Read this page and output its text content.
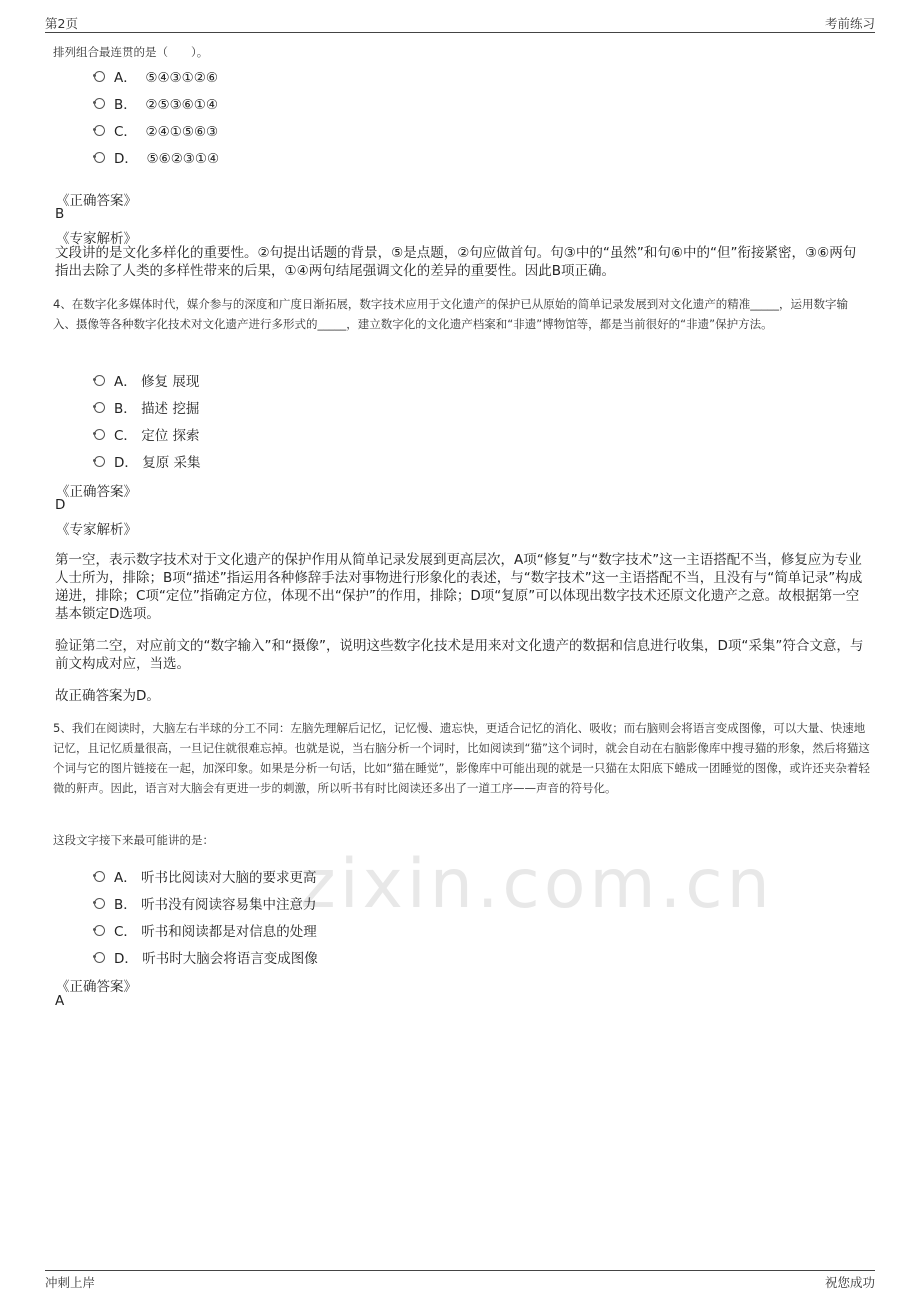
第2页	考前练习
zixin.com.cn
排列组合最连贯的是（　　）。
A． ⑤④③①②⑥
B． ②⑤③⑥①④
C． ②④①⑤⑥③
D． ⑤⑥②③①④
《正确答案》
B
《专家解析》
文段讲的是文化多样化的重要性。②句提出话题的背景，⑤是点题，②句应做首句。句③中的“虽然”和句⑥中的“但”衔接紧密，③⑥两句指出去除了人类的多样性带来的后果，①④两句结尾强调文化的差异的重要性。因此B项正确。
4、在数字化多媒体时代，媒介参与的深度和广度日渐拓展，数字技术应用于文化遗产的保护已从原始的简单记录发展到对文化遗产的精准_____，运用数字输入、摄像等各种数字化技术对文化遗产进行多形式的_____，建立数字化的文化遗产档案和“非遗”博物馆等，都是当前很好的“非遗”保护方法。
A． 修复 展现
B． 描述 挖掘
C． 定位 探索
D． 复原 采集
《正确答案》
D
《专家解析》
第一空，表示数字技术对于文化遗产的保护作用从简单记录发展到更高层次，A项“修复”与“数字技术”这一主语搭配不当，修复应为专业人士所为，排除；B项“描述”指运用各种修辞手法对事物进行形象化的表述，与“数字技术”这一主语搭配不当，且没有与“简单记录”构成递进，排除；C项“定位”指确定方位，体现不出“保护”的作用，排除；D项“复原”可以体现出数字技术还原文化遗产之意。故根据第一空基本锁定D选项。
验证第二空，对应前文的“数字输入”和“摄像”，说明这些数字化技术是用来对文化遗产的数据和信息进行收集，D项“采集”符合文意，与前文构成对应，当选。
故正确答案为D。
5、我们在阅读时，大脑左右半球的分工不同：左脑先理解后记忆，记忆慢、遗忘快，更适合记忆的消化、吸收；而右脑则会将语言变成图像，可以大量、快速地记忆，且记忆质量很高，一旦记住就很难忘掉。也就是说，当右脑分析一个词时，比如阅读到“猫”这个词时，就会自动在右脑影像库中搜寻猫的形象，然后将猫这个词与它的图片链接在一起，加深印象。如果是分析一句话，比如“猫在睡觉”，影像库中可能出现的就是一只猫在太阳底下蜷成一团睡觉的图像，或许还夹杂着轻微的鼾声。因此，语言对大脑会有更进一步的刺激，所以听书有时比阅读还多出了一道工序——声音的符号化。
这段文字接下来最可能讲的是：
A． 听书比阅读对大脑的要求更高
B． 听书没有阅读容易集中注意力
C． 听书和阅读都是对信息的处理
D． 听书时大脑会将语言变成图像
《正确答案》
A
冲刺上岸	祝您成功
